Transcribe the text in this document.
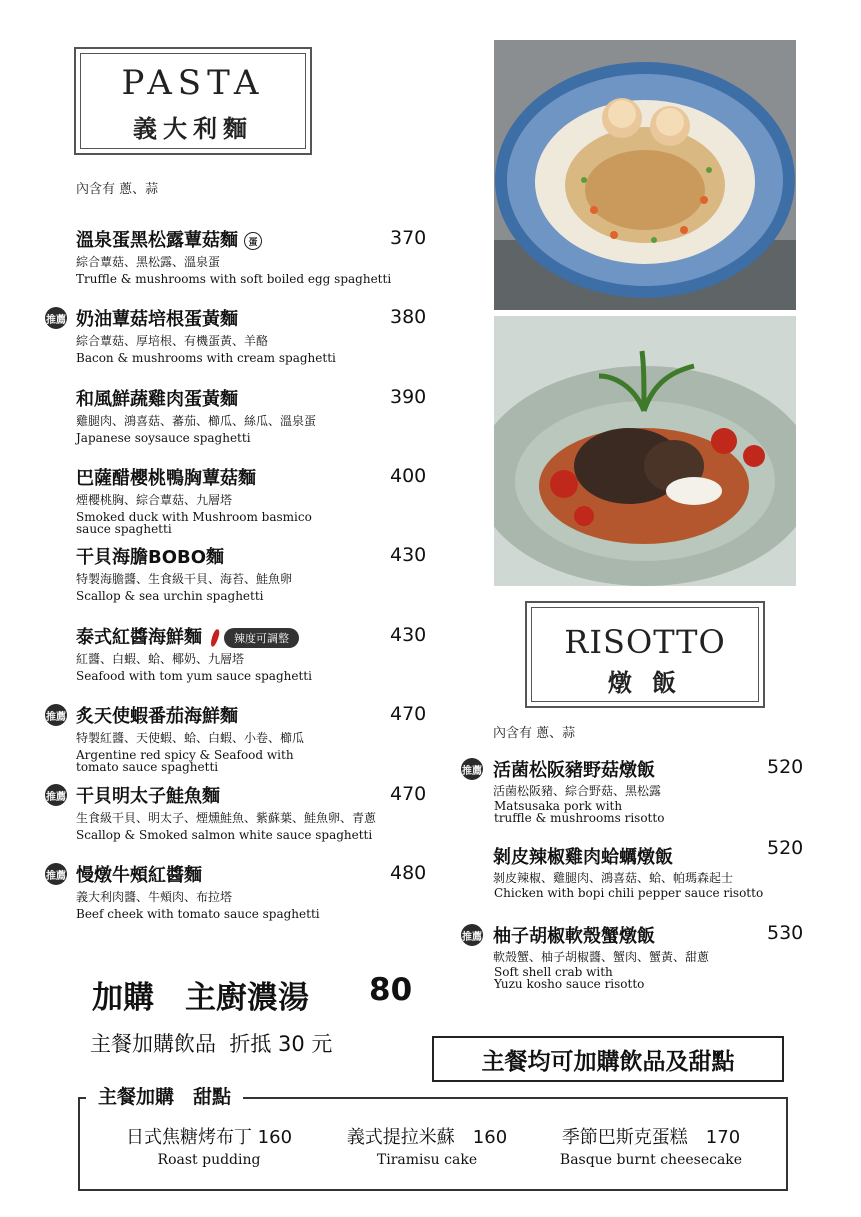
PASTA
義大利麵
內含有 蔥、蒜
溫泉蛋黑松露蕈菇麵 蛋	370
綜合蕈菇、黑松露、溫泉蛋
Truffle & mushrooms with soft boiled egg spaghetti
推薦 奶油蕈菇培根蛋黃麵	380
綜合蕈菇、厚培根、有機蛋黃、羊酪
Bacon & mushrooms with cream spaghetti
和風鮮蔬雞肉蛋黃麵	390
雞腿肉、鴻喜菇、蕃茄、櫛瓜、絲瓜、溫泉蛋
Japanese soysauce spaghetti
巴薩醋櫻桃鴨胸蕈菇麵	400
煙櫻桃胸、綜合蕈菇、九層塔
Smoked duck with Mushroom basmico
sauce spaghetti
干貝海膽BOBO麵	430
特製海膽醬、生食級干貝、海苔、鮭魚卵
Scallop & sea urchin spaghetti
泰式紅醬海鮮麵	辣度可調整	430
紅醬、白蝦、蛤、椰奶、九層塔
Seafood with tom yum sauce spaghetti
推薦 炙天使蝦番茄海鮮麵	470
特製紅醬、天使蝦、蛤、白蝦、小卷、櫛瓜
Argentine red spicy & Seafood with
tomato sauce spaghetti
推薦 干貝明太子鮭魚麵	470
生食級干貝、明太子、煙燻鮭魚、紫蘇葉、鮭魚卵、青蔥
Scallop & Smoked salmon white sauce spaghetti
推薦 慢燉牛頰紅醬麵	480
義大利肉醬、牛頰肉、布拉塔
Beef cheek with tomato sauce spaghetti
RISOTTO
燉 飯
內含有 蔥、蒜
推薦 活菌松阪豬野菇燉飯	520
活菌松阪豬、綜合野菇、黑松露
Matsusaka pork with
truffle & mushrooms risotto
剝皮辣椒雞肉蛤蠣燉飯	520
剝皮辣椒、雞腿肉、鴻喜菇、蛤、帕瑪森起士
Chicken with bopi chili pepper sauce risotto
推薦 柚子胡椒軟殼蟹燉飯	530
軟殼蟹、柚子胡椒醬、蟹肉、蟹黃、甜蔥
Soft shell crab with
Yuzu kosho sauce risotto
加購　主廚濃湯 80
主餐加購飲品  折抵 30 元
主餐均可加購飲品及甜點
主餐加購　甜點
日式焦糖烤布丁 160
Roast pudding
義式提拉米蘇　160
Tiramisu cake
季節巴斯克蛋糕　170
Basque burnt cheesecake
